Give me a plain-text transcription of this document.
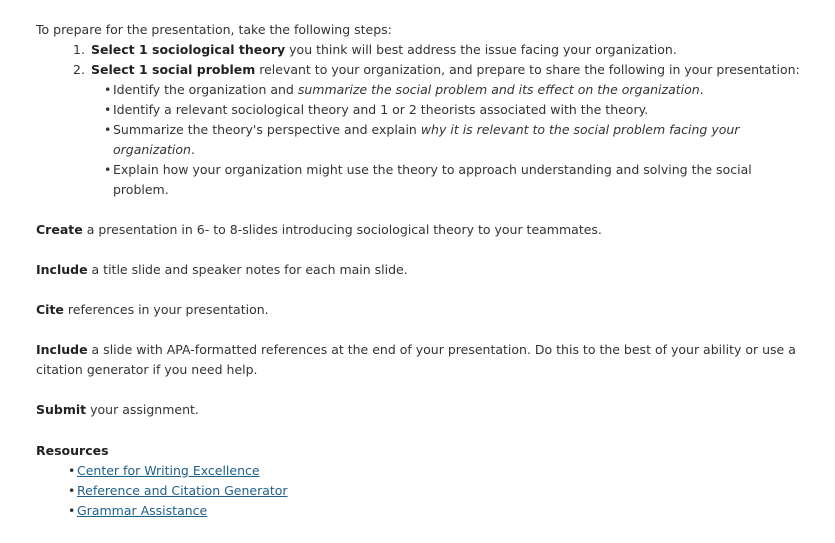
To prepare for the presentation, take the following steps:

1. Select 1 sociological theory you think will best address the issue facing your organization.
2. Select 1 social problem relevant to your organization, and prepare to share the following in your presentation:
• Identify the organization and summarize the social problem and its effect on the organization.
• Identify a relevant sociological theory and 1 or 2 theorists associated with the theory.
• Summarize the theory's perspective and explain why it is relevant to the social problem facing your organization.
• Explain how your organization might use the theory to approach understanding and solving the social problem.

Create a presentation in 6- to 8-slides introducing sociological theory to your teammates.

Include a title slide and speaker notes for each main slide.

Cite references in your presentation.

Include a slide with APA-formatted references at the end of your presentation. Do this to the best of your ability or use a citation generator if you need help.

Submit your assignment.

Resources
• Center for Writing Excellence
• Reference and Citation Generator
• Grammar Assistance
